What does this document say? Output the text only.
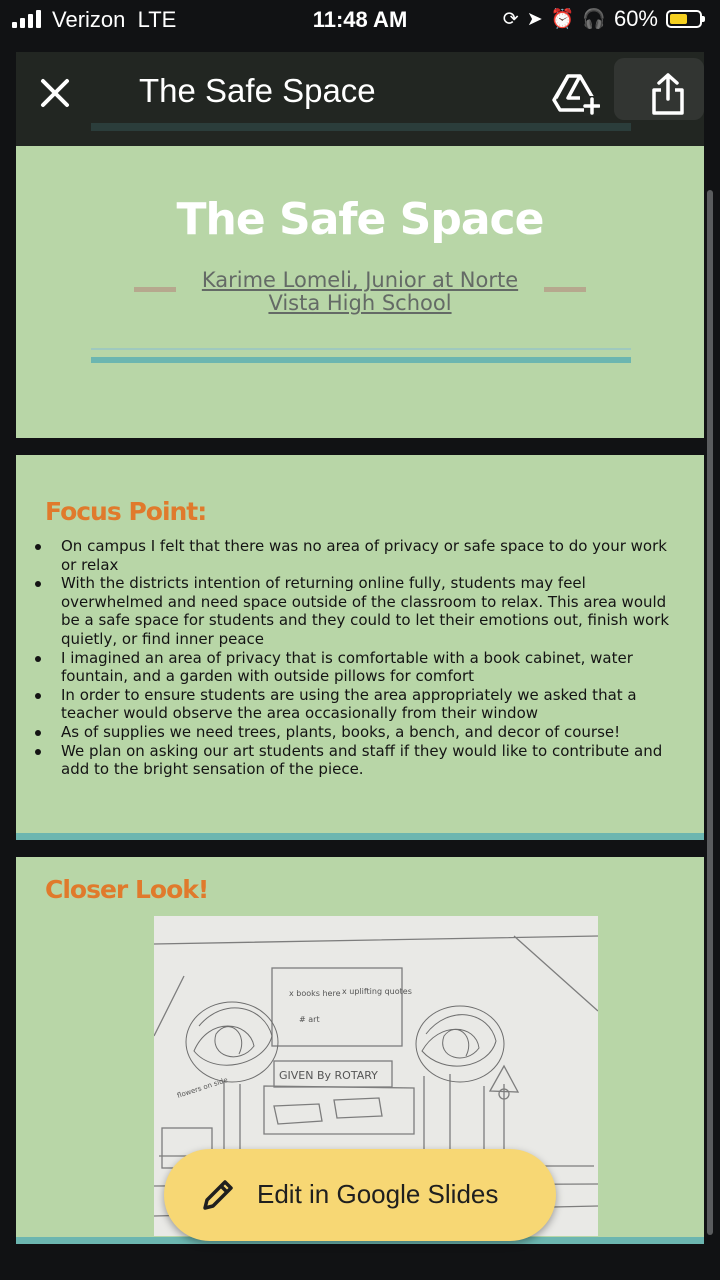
Verizon LTE	11:48 AM	⟳ ➤ ⏰ 🎧 60%
The Safe Space
The Safe Space
Karime Lomeli, Junior at Norte Vista High School
Focus Point:
On campus I felt that there was no area of privacy or safe space to do your work or relax
With the districts intention of returning online fully, students may feel overwhelmed and need space outside of the classroom to relax. This area would be a safe space for students and they could to let their emotions out, finish work quietly, or find inner peace
I imagined an area of privacy that is comfortable with a book cabinet, water fountain, and a garden with outside pillows for comfort
In order to ensure students are using the area appropriately we asked that a teacher would observe the area occasionally from their window
As of supplies we need trees, plants, books, a bench, and decor of course!
We plan on asking our art students and staff if they would like to contribute and add to the bright sensation of the piece.
Closer Look!
x books here x uplifting quotes
# art
GIVEN By ROTARY
flowers on side
Edit in Google Slides
